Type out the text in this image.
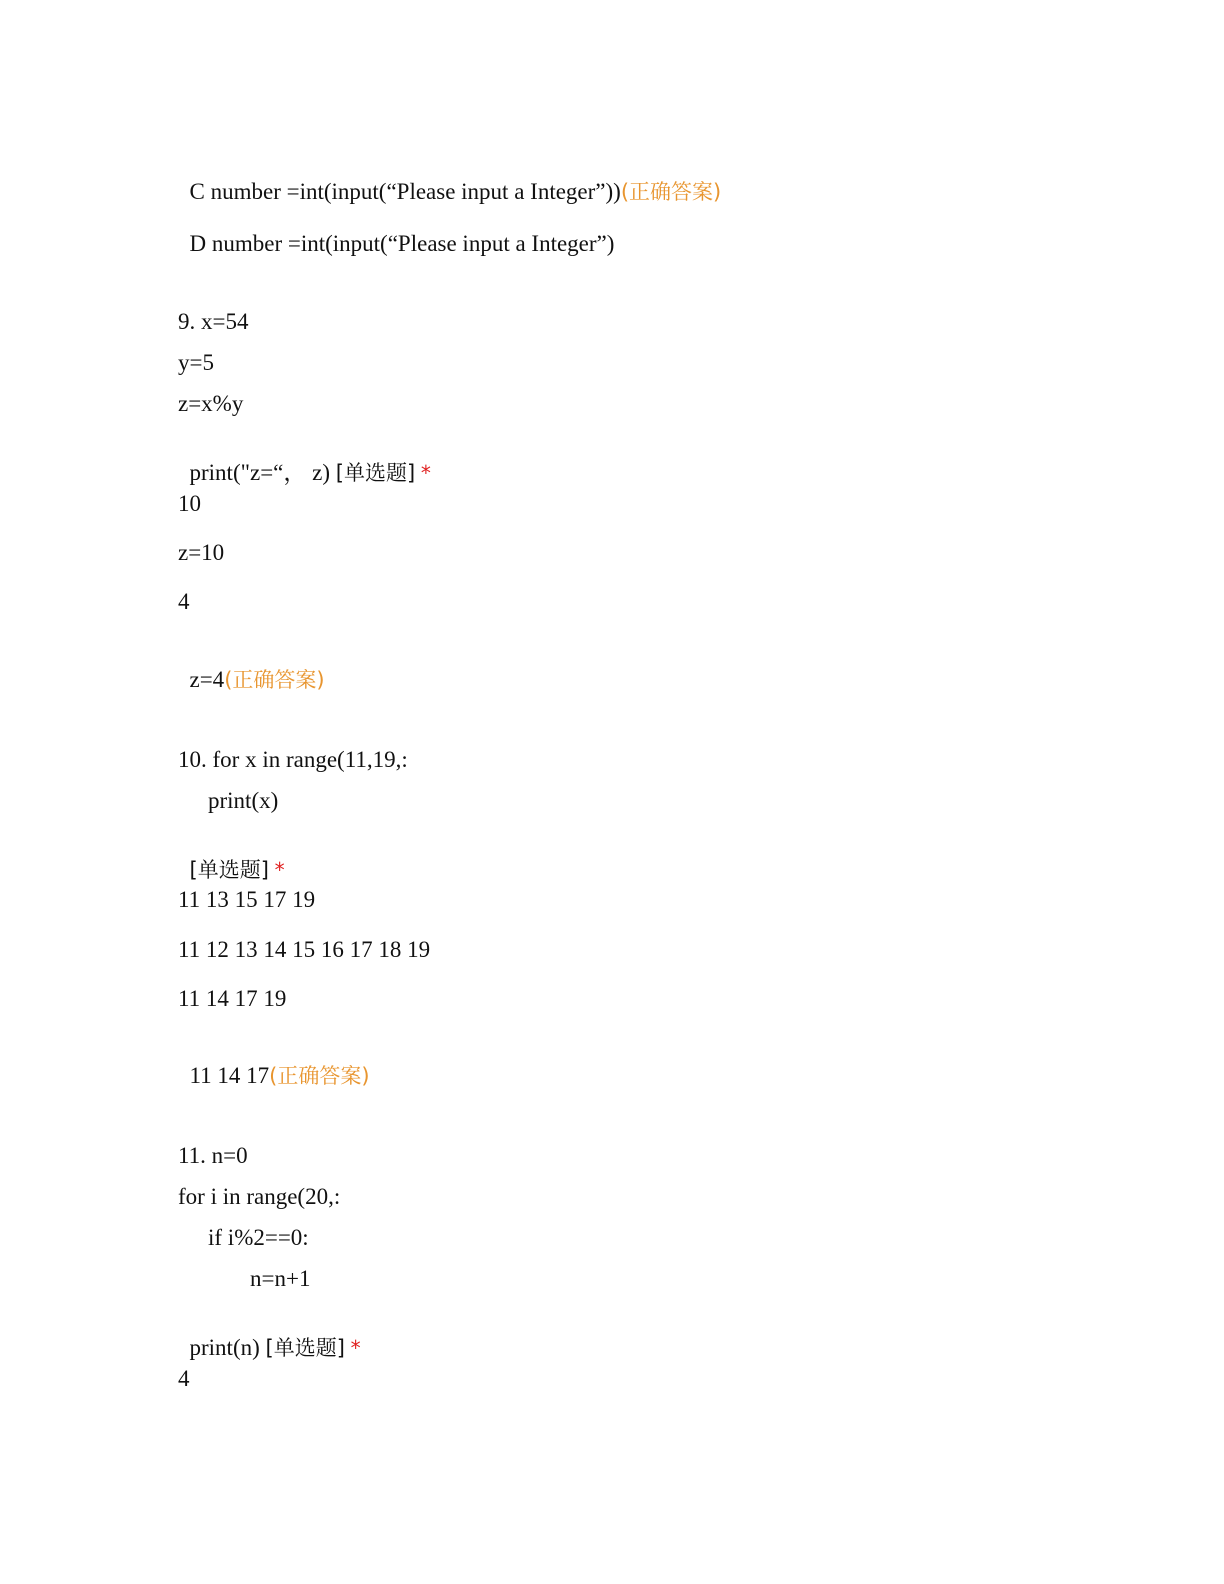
C number =int(input(“Please input a Integer”))(正确答案)

D number =int(input(“Please input a Integer”)

9. x=54
y=5
z=x%y

print("z=“， z) [单选题] *

10
z=10
4

z=4(正确答案)

10. for x in range(11,19,:
print(x)

[单选题] *

11 13 15 17 19
11 12 13 14 15 16 17 18 19
11 14 17 19

11 14 17(正确答案)

11. n=0
for i in range(20,:
if i%2==0:
n=n+1

print(n) [单选题] *

4
